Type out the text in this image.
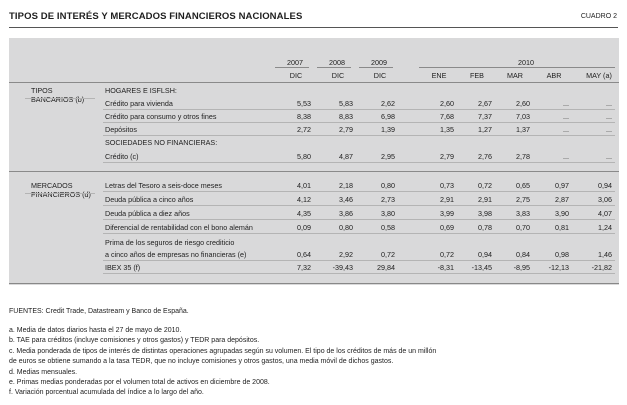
TIPOS DE INTERÉS Y MERCADOS FINANCIEROS NACIONALES	CUADRO 2
2007	2008	2009	2010
DIC	DIC	DIC	ENE	FEB	MAR	ABR	MAY (a)
TIPOS
BANCARIOS (b)
HOGARES E ISFLSH:
Crédito para vivienda	5,53	5,83	2,62	2,60	2,67	2,60	...	...
Crédito para consumo y otros fines	8,38	8,83	6,98	7,68	7,37	7,03	...	...
Depósitos	2,72	2,79	1,39	1,35	1,27	1,37	...	...
SOCIEDADES NO FINANCIERAS:
Crédito (c)	5,80	4,87	2,95	2,79	2,76	2,78	...	...
MERCADOS
FINANCIEROS (d)
Letras del Tesoro a seis-doce meses	4,01	2,18	0,80	0,73	0,72	0,65	0,97	0,94
Deuda pública a cinco años	4,12	3,46	2,73	2,91	2,91	2,75	2,87	3,06
Deuda pública a diez años	4,35	3,86	3,80	3,99	3,98	3,83	3,90	4,07
Diferencial de rentabilidad con el bono alemán	0,09	0,80	0,58	0,69	0,78	0,70	0,81	1,24
Prima de los seguros de riesgo crediticio
a cinco años de empresas no financieras (e)	0,64	2,92	0,72	0,72	0,94	0,84	0,98	1,46
IBEX 35 (f)	7,32	-39,43	29,84	-8,31	-13,45	-8,95	-12,13	-21,82
FUENTES: Credit Trade, Datastream y Banco de España.
a. Media de datos diarios hasta el 27 de mayo de 2010.
b. TAE para créditos (incluye comisiones y otros gastos) y TEDR para depósitos.
c. Media ponderada de tipos de interés de distintas operaciones agrupadas según su volumen. El tipo de los créditos de más de un millón
de euros se obtiene sumando a la tasa TEDR, que no incluye comisiones y otros gastos, una media móvil de dichos gastos.
d. Medias mensuales.
e. Primas medias ponderadas por el volumen total de activos en diciembre de 2008.
f. Variación porcentual acumulada del índice a lo largo del año.
